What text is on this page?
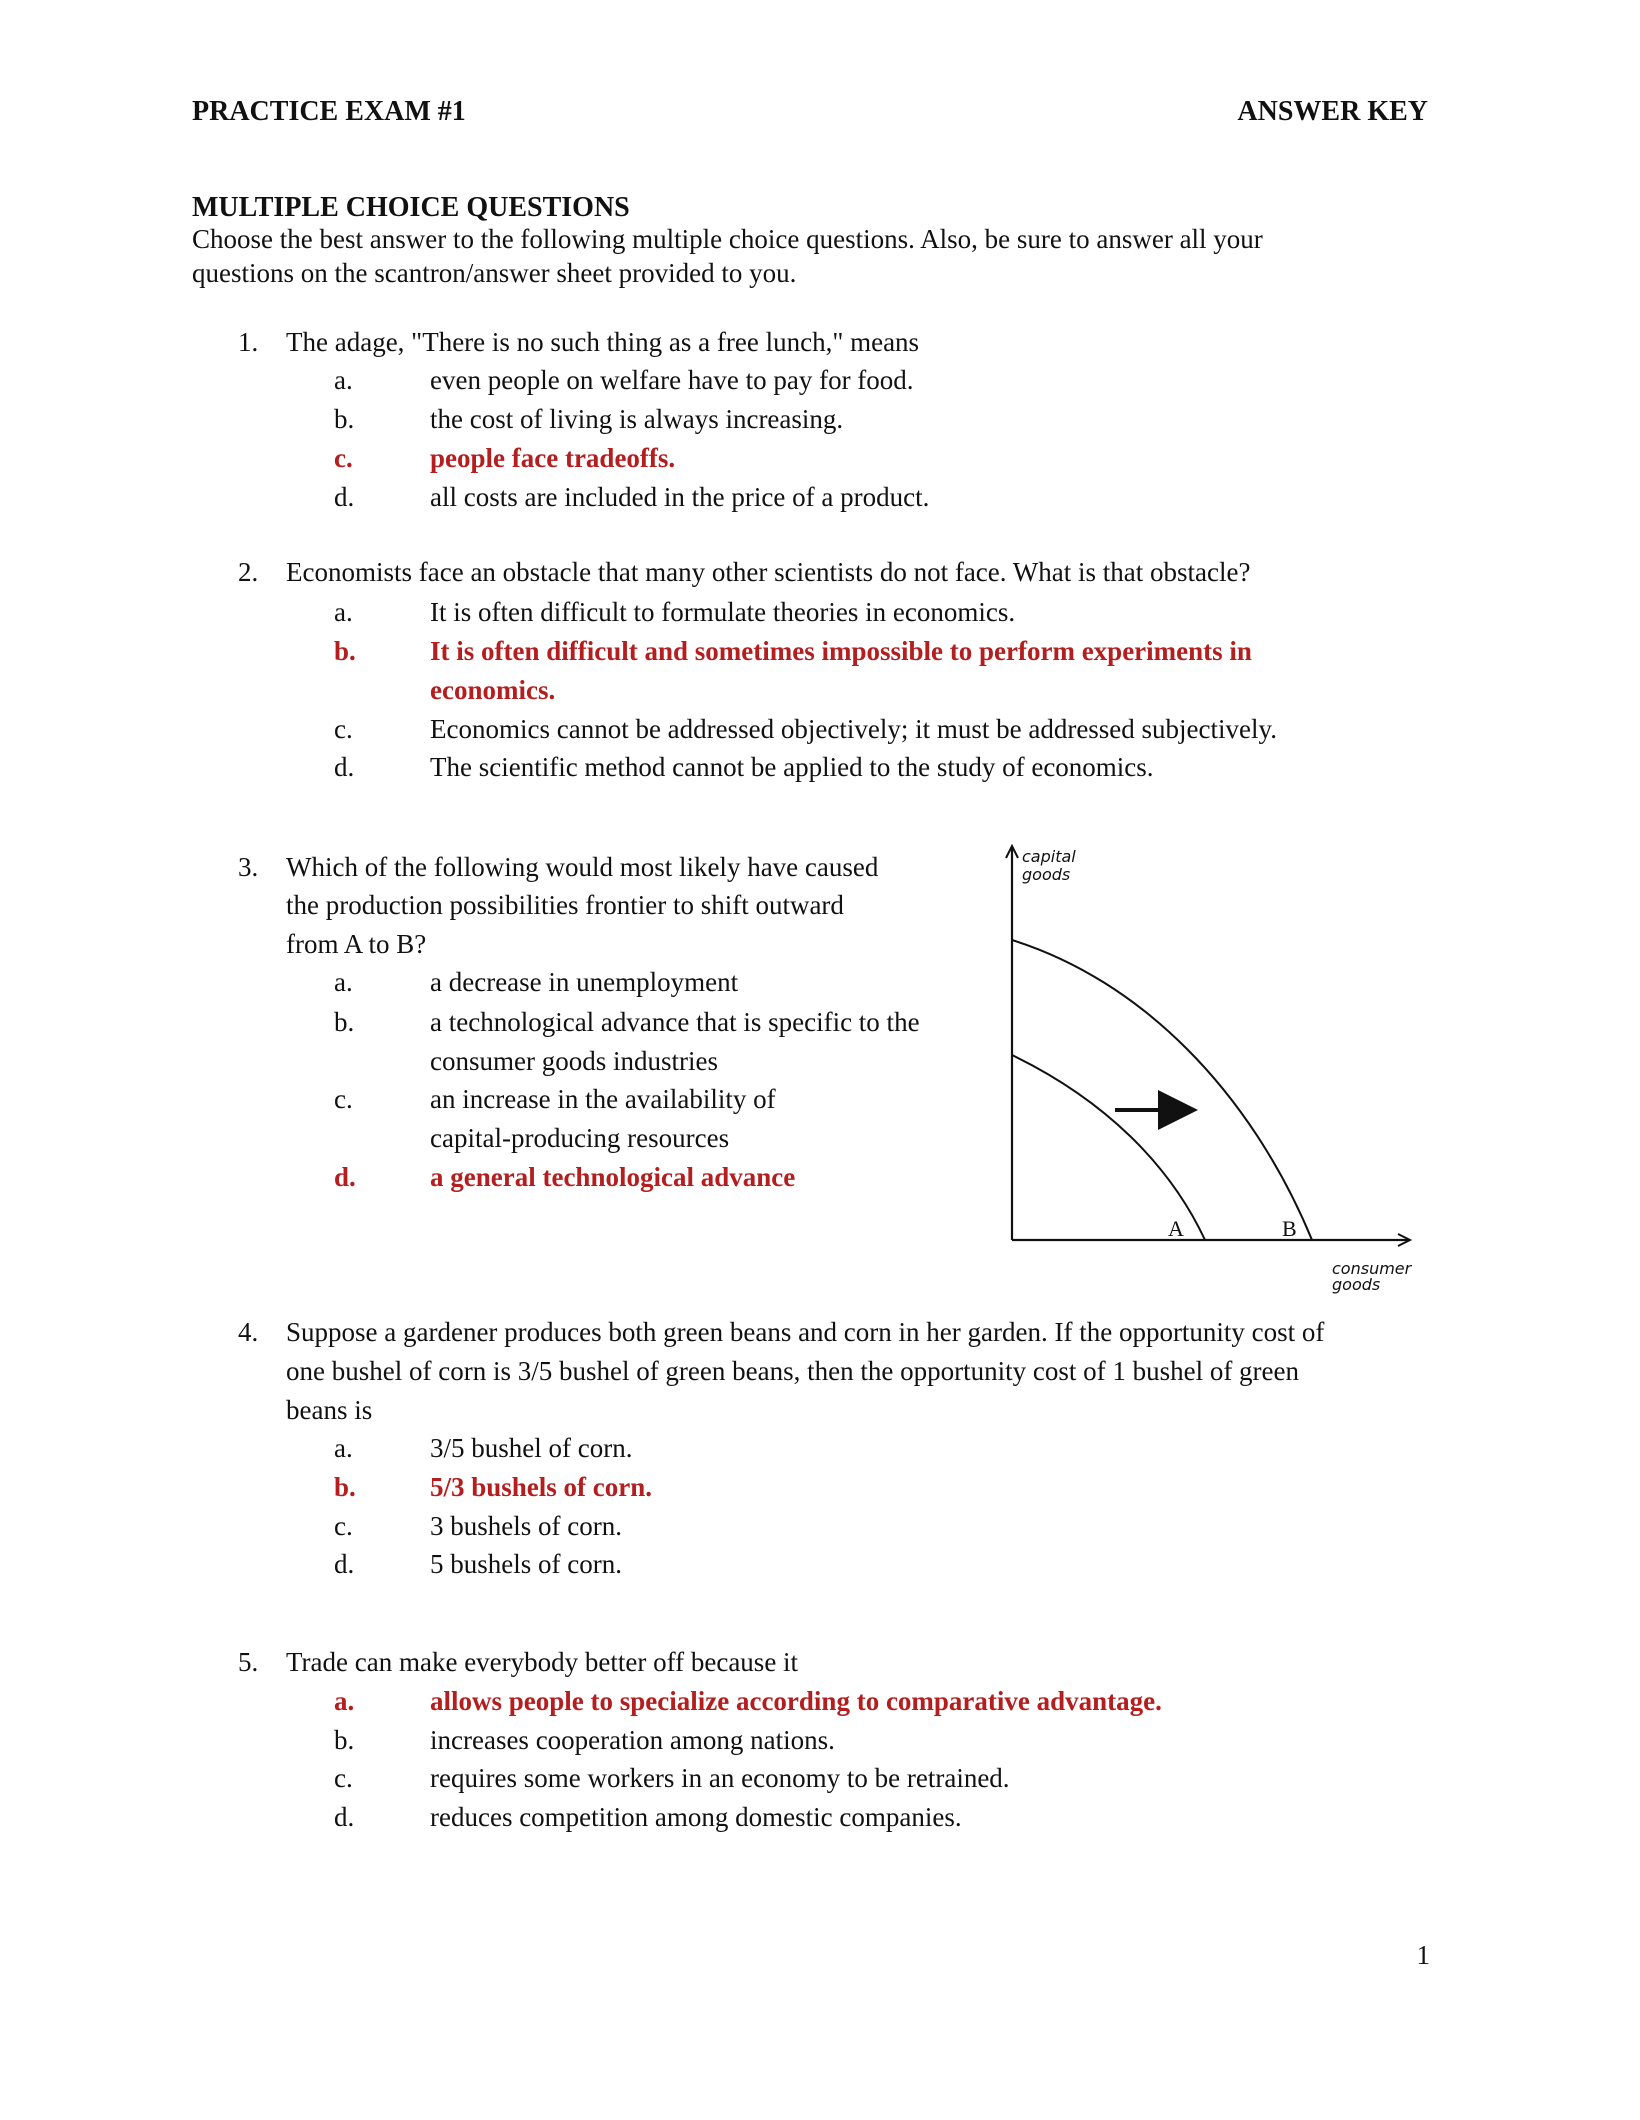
PRACTICE EXAM #1	ANSWER KEY
MULTIPLE CHOICE QUESTIONS
Choose the best answer to the following multiple choice questions. Also, be sure to answer all your
questions on the scantron/answer sheet provided to you.
1. The adage, "There is no such thing as a free lunch," means
a.	even people on welfare have to pay for food.
b.	the cost of living is always increasing.
c.	people face tradeoffs.
d.	all costs are included in the price of a product.
2. Economists face an obstacle that many other scientists do not face. What is that obstacle?
a.	It is often difficult to formulate theories in economics.
b.	It is often difficult and sometimes impossible to perform experiments in
economics.
c.	Economics cannot be addressed objectively; it must be addressed subjectively.
d.	The scientific method cannot be applied to the study of economics.
3. Which of the following would most likely have caused
the production possibilities frontier to shift outward
from A to B?
a.	a decrease in unemployment
b.	a technological advance that is specific to the
consumer goods industries
c.	an increase in the availability of
capital-producing resources
d.	a general technological advance
capital
goods
consumer
goods
A	B
4. Suppose a gardener produces both green beans and corn in her garden. If the opportunity cost of
one bushel of corn is 3/5 bushel of green beans, then the opportunity cost of 1 bushel of green
beans is
a.	3/5 bushel of corn.
b.	5/3 bushels of corn.
c.	3 bushels of corn.
d.	5 bushels of corn.
5. Trade can make everybody better off because it
a.	allows people to specialize according to comparative advantage.
b.	increases cooperation among nations.
c.	requires some workers in an economy to be retrained.
d.	reduces competition among domestic companies.
1
